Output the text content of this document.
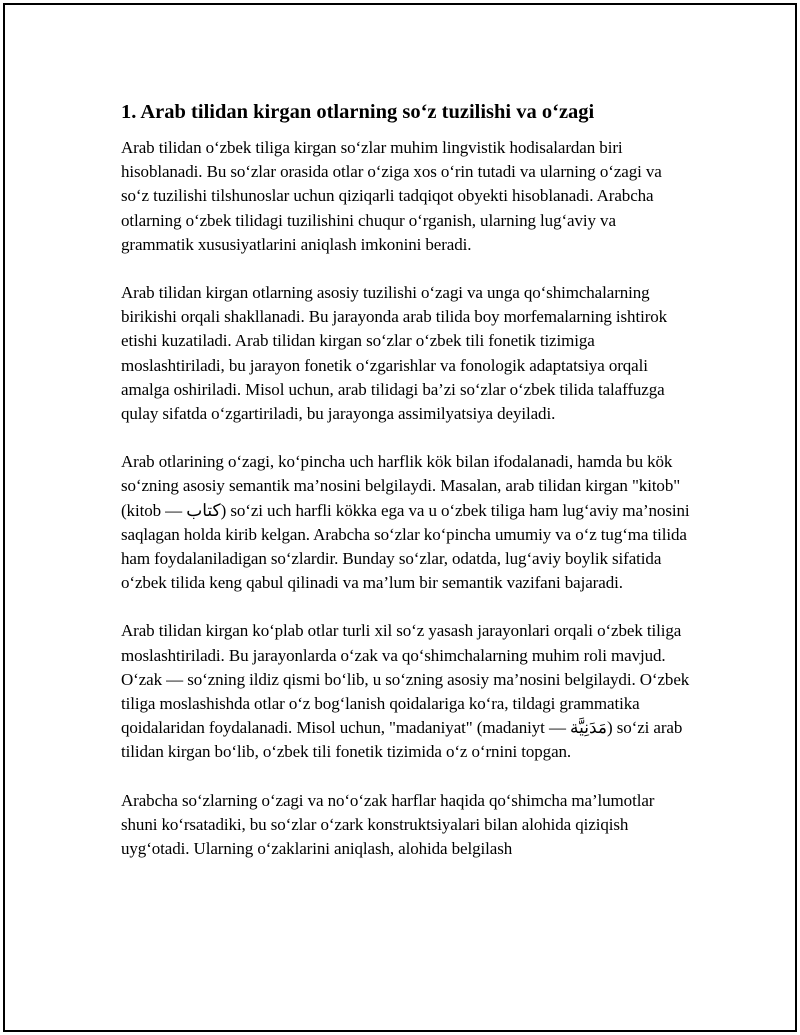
1. Arab tilidan kirgan otlarning so‘z tuzilishi va o‘zagi

Arab tilidan o‘zbek tiliga kirgan so‘zlar muhim lingvistik hodisalardan biri hisoblanadi. Bu so‘zlar orasida otlar o‘ziga xos o‘rin tutadi va ularning o‘zagi va so‘z tuzilishi tilshunoslar uchun qiziqarli tadqiqot obyekti hisoblanadi. Arabcha otlarning o‘zbek tilidagi tuzilishini chuqur o‘rganish, ularning lug‘aviy va grammatik xususiyatlarini aniqlash imkonini beradi.

Arab tilidan kirgan otlarning asosiy tuzilishi o‘zagi va unga qo‘shimchalarning birikishi orqali shakllanadi. Bu jarayonda arab tilida boy morfemalarning ishtirok etishi kuzatiladi. Arab tilidan kirgan so‘zlar o‘zbek tili fonetik tizimiga moslashtiriladi, bu jarayon fonetik o‘zgarishlar va fonologik adaptatsiya orqali amalga oshiriladi. Misol uchun, arab tilidagi ba’zi so‘zlar o‘zbek tilida talaffuzga qulay sifatda o‘zgartiriladi, bu jarayonga assimilyatsiya deyiladi.

Arab otlarining o‘zagi, ko‘pincha uch harflik kök bilan ifodalanadi, hamda bu kök so‘zning asosiy semantik ma’nosini belgilaydi. Masalan, arab tilidan kirgan "kitob" (kitob — كتاب) so‘zi uch harfli kökka ega va u o‘zbek tiliga ham lug‘aviy ma’nosini saqlagan holda kirib kelgan. Arabcha so‘zlar ko‘pincha umumiy va o‘z tug‘ma tilida ham foydalaniladigan so‘zlardir. Bunday so‘zlar, odatda, lug‘aviy boylik sifatida o‘zbek tilida keng qabul qilinadi va ma’lum bir semantik vazifani bajaradi.

Arab tilidan kirgan ko‘plab otlar turli xil so‘z yasash jarayonlari orqali o‘zbek tiliga moslashtiriladi. Bu jarayonlarda o‘zak va qo‘shimchalarning muhim roli mavjud. O‘zak — so‘zning ildiz qismi bo‘lib, u so‘zning asosiy ma’nosini belgilaydi. O‘zbek tiliga moslashishda otlar o‘z bog‘lanish qoidalariga ko‘ra, tildagi grammatika qoidalaridan foydalanadi. Misol uchun, "madaniyat" (madaniyt — مَدَنِيَّة) so‘zi arab tilidan kirgan bo‘lib, o‘zbek tili fonetik tizimida o‘z o‘rnini topgan.

Arabcha so‘zlarning o‘zagi va no‘o‘zak harflar haqida qo‘shimcha ma’lumotlar shuni ko‘rsatadiki, bu so‘zlar o‘zark konstruktsiyalari bilan alohida qiziqish uyg‘otadi. Ularning o‘zaklarini aniqlash, alohida belgilash
